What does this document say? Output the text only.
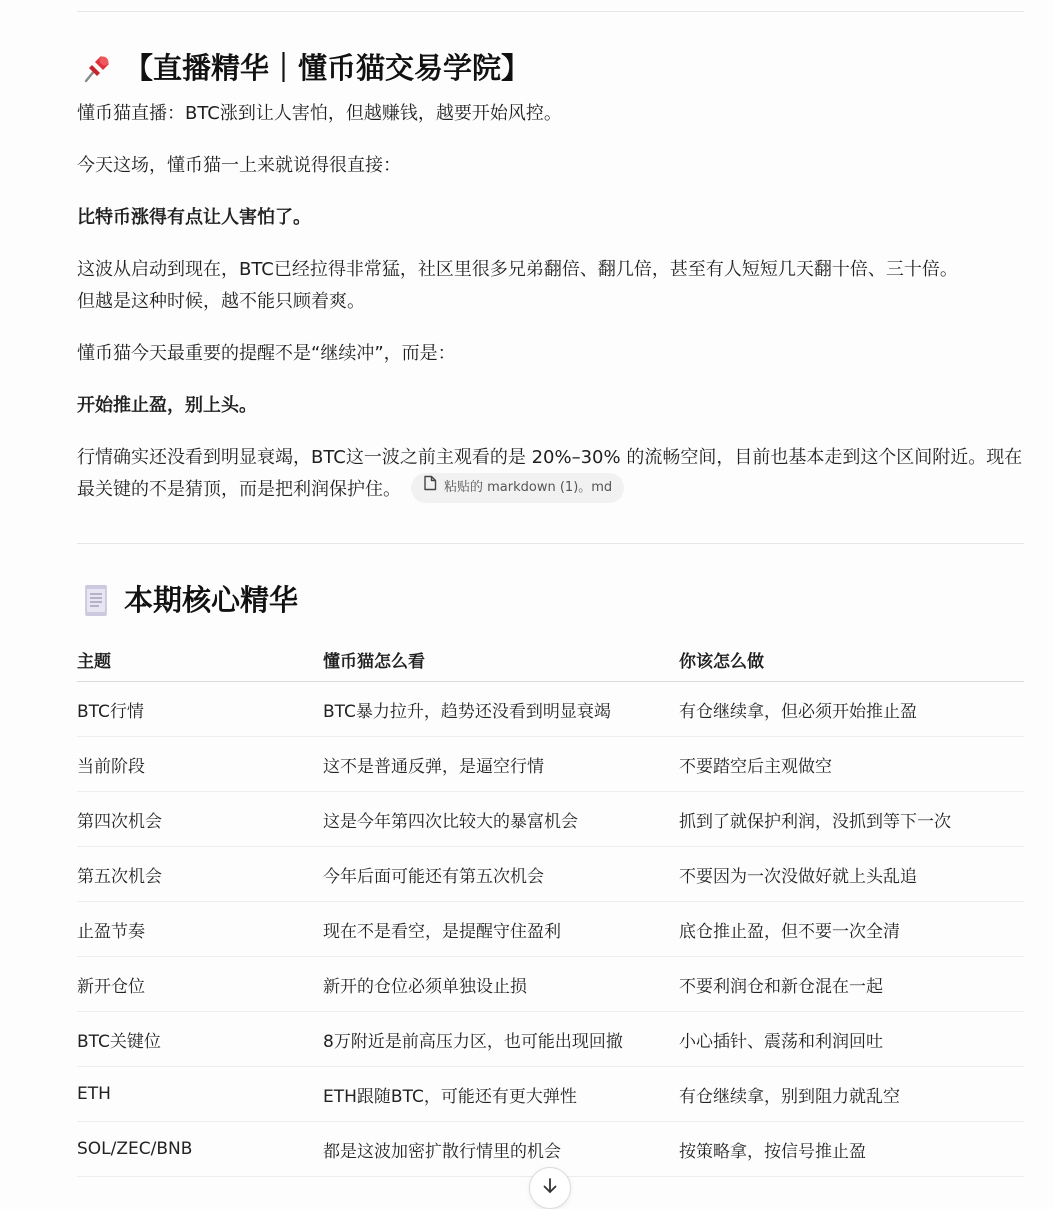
【直播精华｜懂币猫交易学院】

懂币猫直播：BTC涨到让人害怕，但越赚钱，越要开始风控。

今天这场，懂币猫一上来就说得很直接：

比特币涨得有点让人害怕了。

这波从启动到现在，BTC已经拉得非常猛，社区里很多兄弟翻倍、翻几倍，甚至有人短短几天翻十倍、三十倍。
但越是这种时候，越不能只顾着爽。

懂币猫今天最重要的提醒不是“继续冲”，而是：

开始推止盈，别上头。

行情确实还没看到明显衰竭，BTC这一波之前主观看的是 20%–30% 的流畅空间，目前也基本走到这个区间附近。现在最关键的不是猜顶，而是把利润保护住。	粘贴的 markdown (1)。md

本期核心精华
主题	懂币猫怎么看	你该怎么做
BTC行情	BTC暴力拉升，趋势还没看到明显衰竭	有仓继续拿，但必须开始推止盈
当前阶段	这不是普通反弹，是逼空行情	不要踏空后主观做空
第四次机会	这是今年第四次比较大的暴富机会	抓到了就保护利润，没抓到等下一次
第五次机会	今年后面可能还有第五次机会	不要因为一次没做好就上头乱追
止盈节奏	现在不是看空，是提醒守住盈利	底仓推止盈，但不要一次全清
新开仓位	新开的仓位必须单独设止损	不要利润仓和新仓混在一起
BTC关键位	8万附近是前高压力区，也可能出现回撤	小心插针、震荡和利润回吐
ETH	ETH跟随BTC，可能还有更大弹性	有仓继续拿，别到阻力就乱空
SOL/ZEC/BNB	都是这波加密扩散行情里的机会	按策略拿，按信号推止盈
